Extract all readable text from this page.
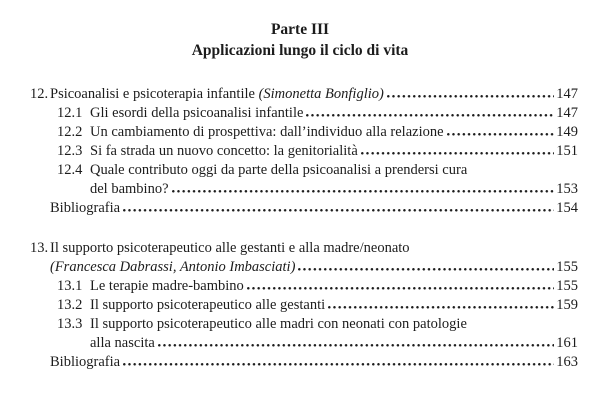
Parte III
Applicazioni lungo il ciclo di vita
12. Psicoanalisi e psicoterapia infantile (Simonetta Bonfiglio)	147
12.1 Gli esordi della psicoanalisi infantile	147
12.2 Un cambiamento di prospettiva: dall’individuo alla relazione	149
12.3 Si fa strada un nuovo concetto: la genitorialità	151
12.4 Quale contributo oggi da parte della psicoanalisi a prendersi cura
del bambino?	153
Bibliografia	154
13. Il supporto psicoterapeutico alle gestanti e alla madre/neonato
(Francesca Dabrassi, Antonio Imbasciati)	155
13.1 Le terapie madre-bambino	155
13.2 Il supporto psicoterapeutico alle gestanti	159
13.3 Il supporto psicoterapeutico alle madri con neonati con patologie
alla nascita	161
Bibliografia	163
